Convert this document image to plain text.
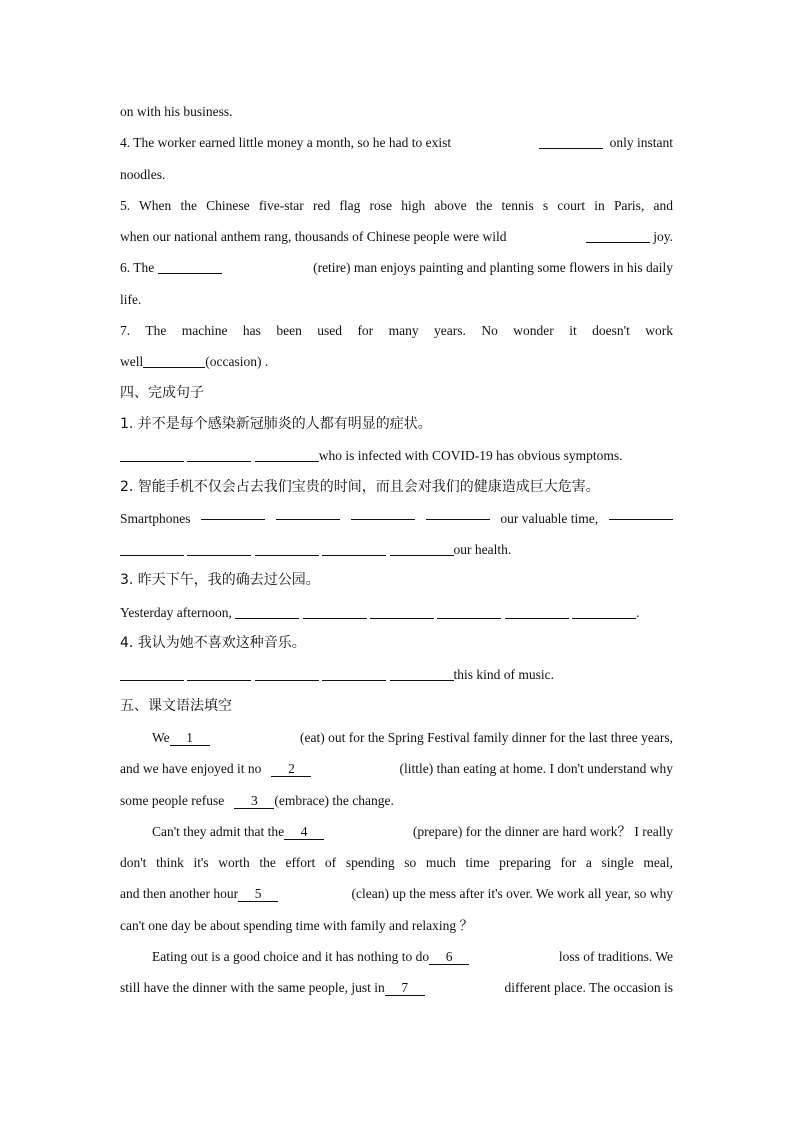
on with his business.
4. The worker earned little money a month, so he had to exist	only instant
noodles.
5. When the Chinese five-star red flag rose high above the tennis s court in Paris, and
when our national anthem rang, thousands of Chinese people were wild	joy.
6. The	(retire) man enjoys painting and planting some flowers in his daily
life.
7. The machine has been used for many years. No wonder it doesn't work
well	(occasion) .
四、完成句子
1. 并不是每个感染新冠肺炎的人都有明显的症状。
who is infected with COVID-19 has obvious symptoms.
2. 智能手机不仅会占去我们宝贵的时间，而且会对我们的健康造成巨大危害。
Smartphones	our valuable time,
our health.
3. 昨天下午，我的确去过公园。
Yesterday afternoon,	.
4. 我认为她不喜欢这种音乐。
this kind of music.
五、课文语法填空
We 1	(eat) out for the Spring Festival family dinner for the last three years,
and we have enjoyed it no 2	(little) than eating at home. I don't understand why
some people refuse 3 (embrace) the change.
Can't they admit that the 4	(prepare) for the dinner are hard work？ I really
don't think it's worth the effort of spending so much time preparing for a single meal,
and then another hour 5	(clean) up the mess after it's over. We work all year, so why
can't one day be about spending time with family and relaxing ？
Eating out is a good choice and it has nothing to do 6	loss of traditions. We
still have the dinner with the same people, just in 7	different place. The occasion is
